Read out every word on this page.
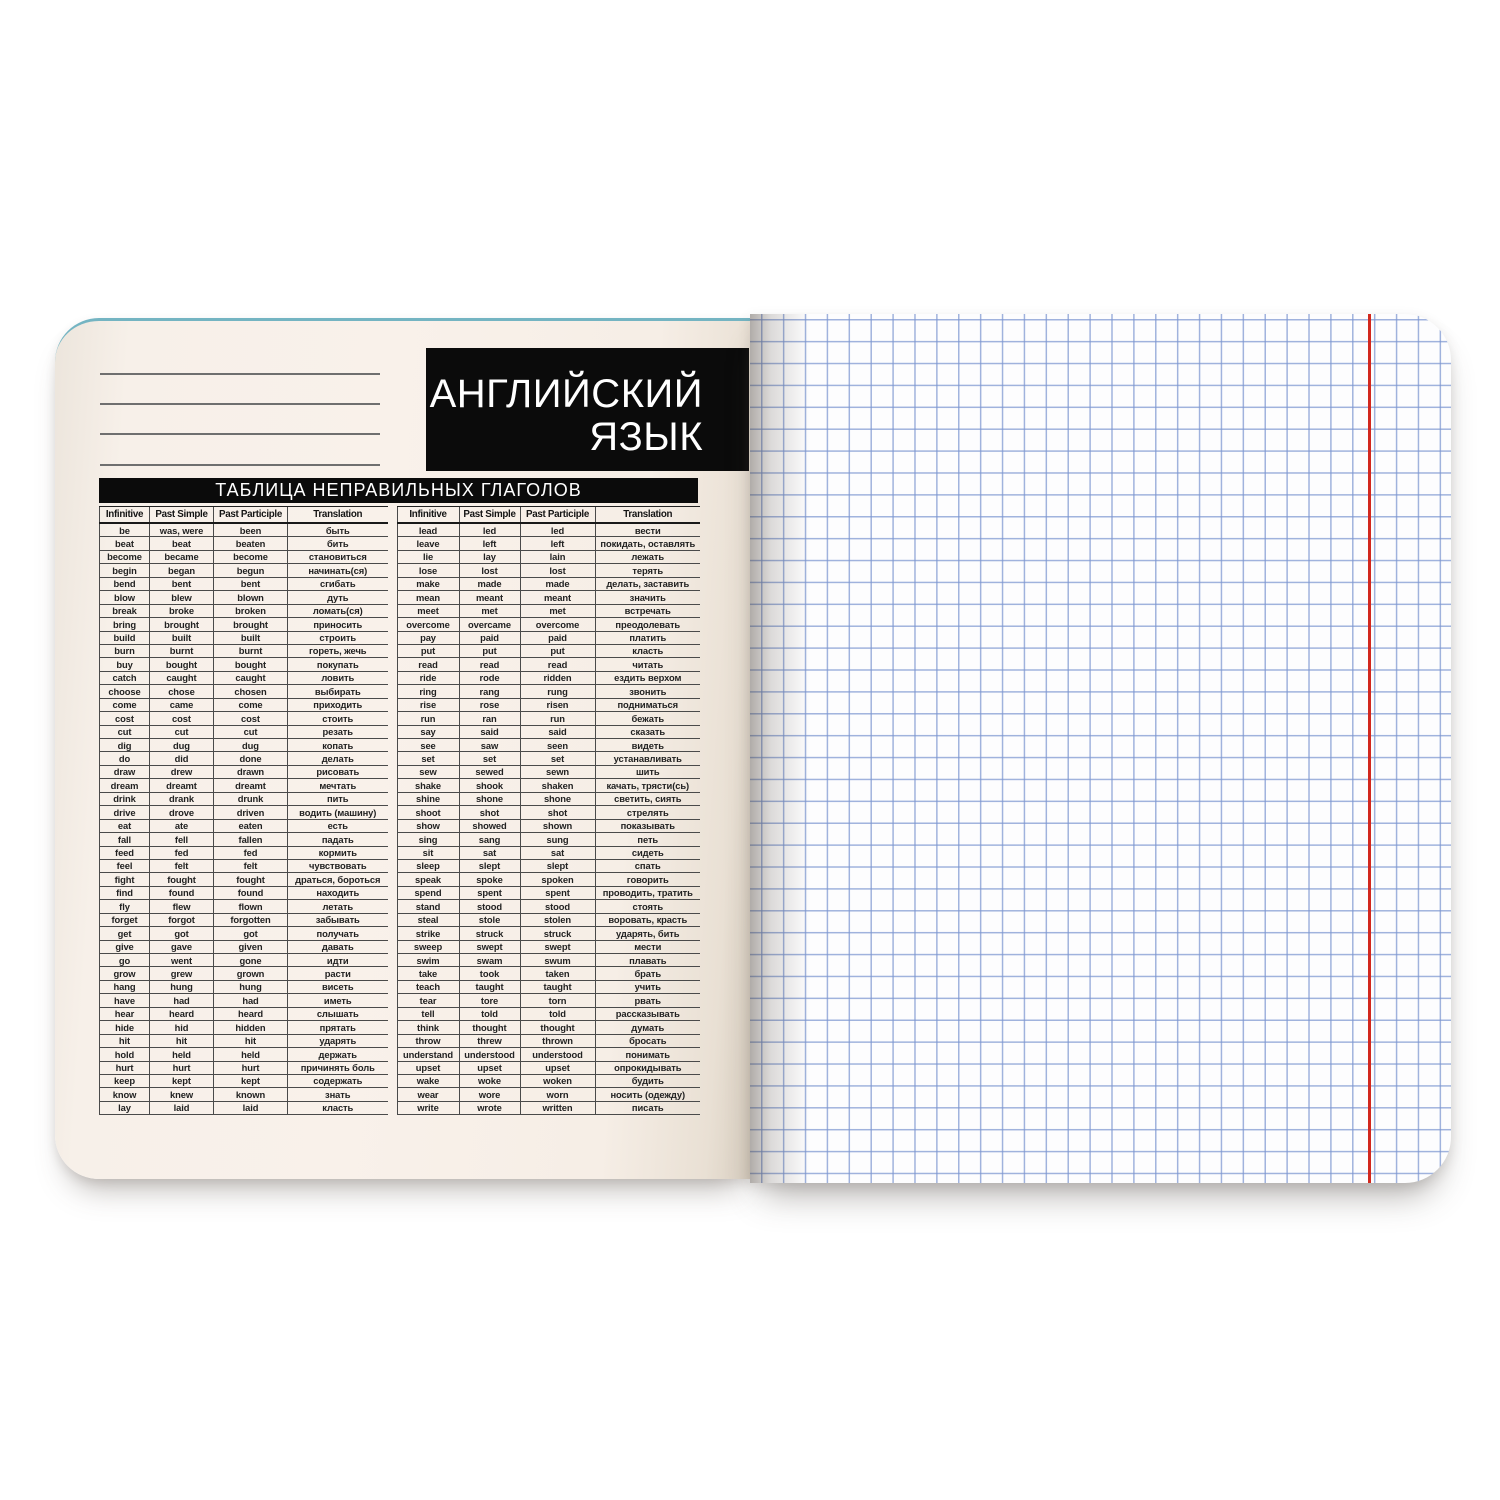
АНГЛИЙСКИЙ
ЯЗЫК
ТАБЛИЦА НЕПРАВИЛЬНЫХ ГЛАГОЛОВ
Infinitive	Past Simple	Past Participle	Translation
be	was, were	been	быть
beat	beat	beaten	бить
become	became	become	становиться
begin	began	begun	начинать(ся)
bend	bent	bent	сгибать
blow	blew	blown	дуть
break	broke	broken	ломать(ся)
bring	brought	brought	приносить
build	built	built	строить
burn	burnt	burnt	гореть, жечь
buy	bought	bought	покупать
catch	caught	caught	ловить
choose	chose	chosen	выбирать
come	came	come	приходить
cost	cost	cost	стоить
cut	cut	cut	резать
dig	dug	dug	копать
do	did	done	делать
draw	drew	drawn	рисовать
dream	dreamt	dreamt	мечтать
drink	drank	drunk	пить
drive	drove	driven	водить (машину)
eat	ate	eaten	есть
fall	fell	fallen	падать
feed	fed	fed	кормить
feel	felt	felt	чувствовать
fight	fought	fought	драться, бороться
find	found	found	находить
fly	flew	flown	летать
forget	forgot	forgotten	забывать
get	got	got	получать
give	gave	given	давать
go	went	gone	идти
grow	grew	grown	расти
hang	hung	hung	висеть
have	had	had	иметь
hear	heard	heard	слышать
hide	hid	hidden	прятать
hit	hit	hit	ударять
hold	held	held	держать
hurt	hurt	hurt	причинять боль
keep	kept	kept	содержать
know	knew	known	знать
lay	laid	laid	класть
Infinitive	Past Simple	Past Participle	Translation
lead	led	led	вести
leave	left	left	покидать, оставлять
lie	lay	lain	лежать
lose	lost	lost	терять
make	made	made	делать, заставить
mean	meant	meant	значить
meet	met	met	встречать
overcome	overcame	overcome	преодолевать
pay	paid	paid	платить
put	put	put	класть
read	read	read	читать
ride	rode	ridden	ездить верхом
ring	rang	rung	звонить
rise	rose	risen	подниматься
run	ran	run	бежать
say	said	said	сказать
see	saw	seen	видеть
set	set	set	устанавливать
sew	sewed	sewn	шить
shake	shook	shaken	качать, трясти(сь)
shine	shone	shone	светить, сиять
shoot	shot	shot	стрелять
show	showed	shown	показывать
sing	sang	sung	петь
sit	sat	sat	сидеть
sleep	slept	slept	спать
speak	spoke	spoken	говорить
spend	spent	spent	проводить, тратить
stand	stood	stood	стоять
steal	stole	stolen	воровать, красть
strike	struck	struck	ударять, бить
sweep	swept	swept	мести
swim	swam	swum	плавать
take	took	taken	брать
teach	taught	taught	учить
tear	tore	torn	рвать
tell	told	told	рассказывать
think	thought	thought	думать
throw	threw	thrown	бросать
understand	understood	understood	понимать
upset	upset	upset	опрокидывать
wake	woke	woken	будить
wear	wore	worn	носить (одежду)
write	wrote	written	писать
